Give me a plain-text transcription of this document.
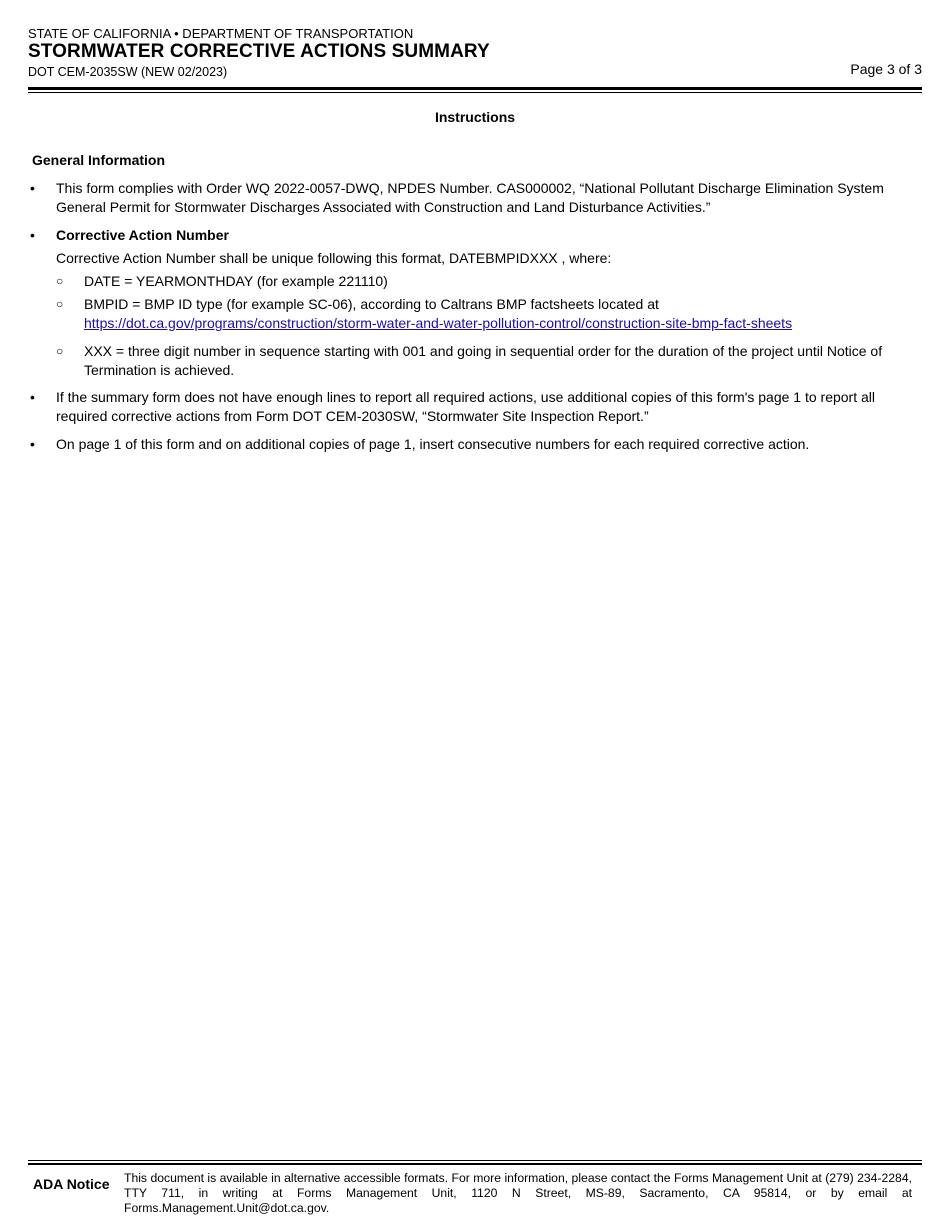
STATE OF CALIFORNIA • DEPARTMENT OF TRANSPORTATION
STORMWATER CORRECTIVE ACTIONS SUMMARY
DOT CEM-2035SW (NEW 02/2023)	Page 3 of 3
Instructions
General Information
• This form complies with Order WQ 2022-0057-DWQ, NPDES Number. CAS000002, “National Pollutant Discharge Elimination System General Permit for Stormwater Discharges Associated with Construction and Land Disturbance Activities.”
• Corrective Action Number
Corrective Action Number shall be unique following this format, DATEBMPIDXXX , where:
○ DATE = YEARMONTHDAY (for example 221110)
○ BMPID = BMP ID type (for example SC-06), according to Caltrans BMP factsheets located at
https://dot.ca.gov/programs/construction/storm-water-and-water-pollution-control/construction-site-bmp-fact-sheets
○ XXX = three digit number in sequence starting with 001 and going in sequential order for the duration of the project until Notice of Termination is achieved.
• If the summary form does not have enough lines to report all required actions, use additional copies of this form's page 1 to report all required corrective actions from Form DOT CEM-2030SW, “Stormwater Site Inspection Report.”
• On page 1 of this form and on additional copies of page 1, insert consecutive numbers for each required corrective action.
ADA Notice This document is available in alternative accessible formats. For more information, please contact the Forms Management Unit at (279) 234-2284, TTY 711, in writing at Forms Management Unit, 1120 N Street, MS-89, Sacramento, CA 95814, or by email at Forms.Management.Unit@dot.ca.gov.
